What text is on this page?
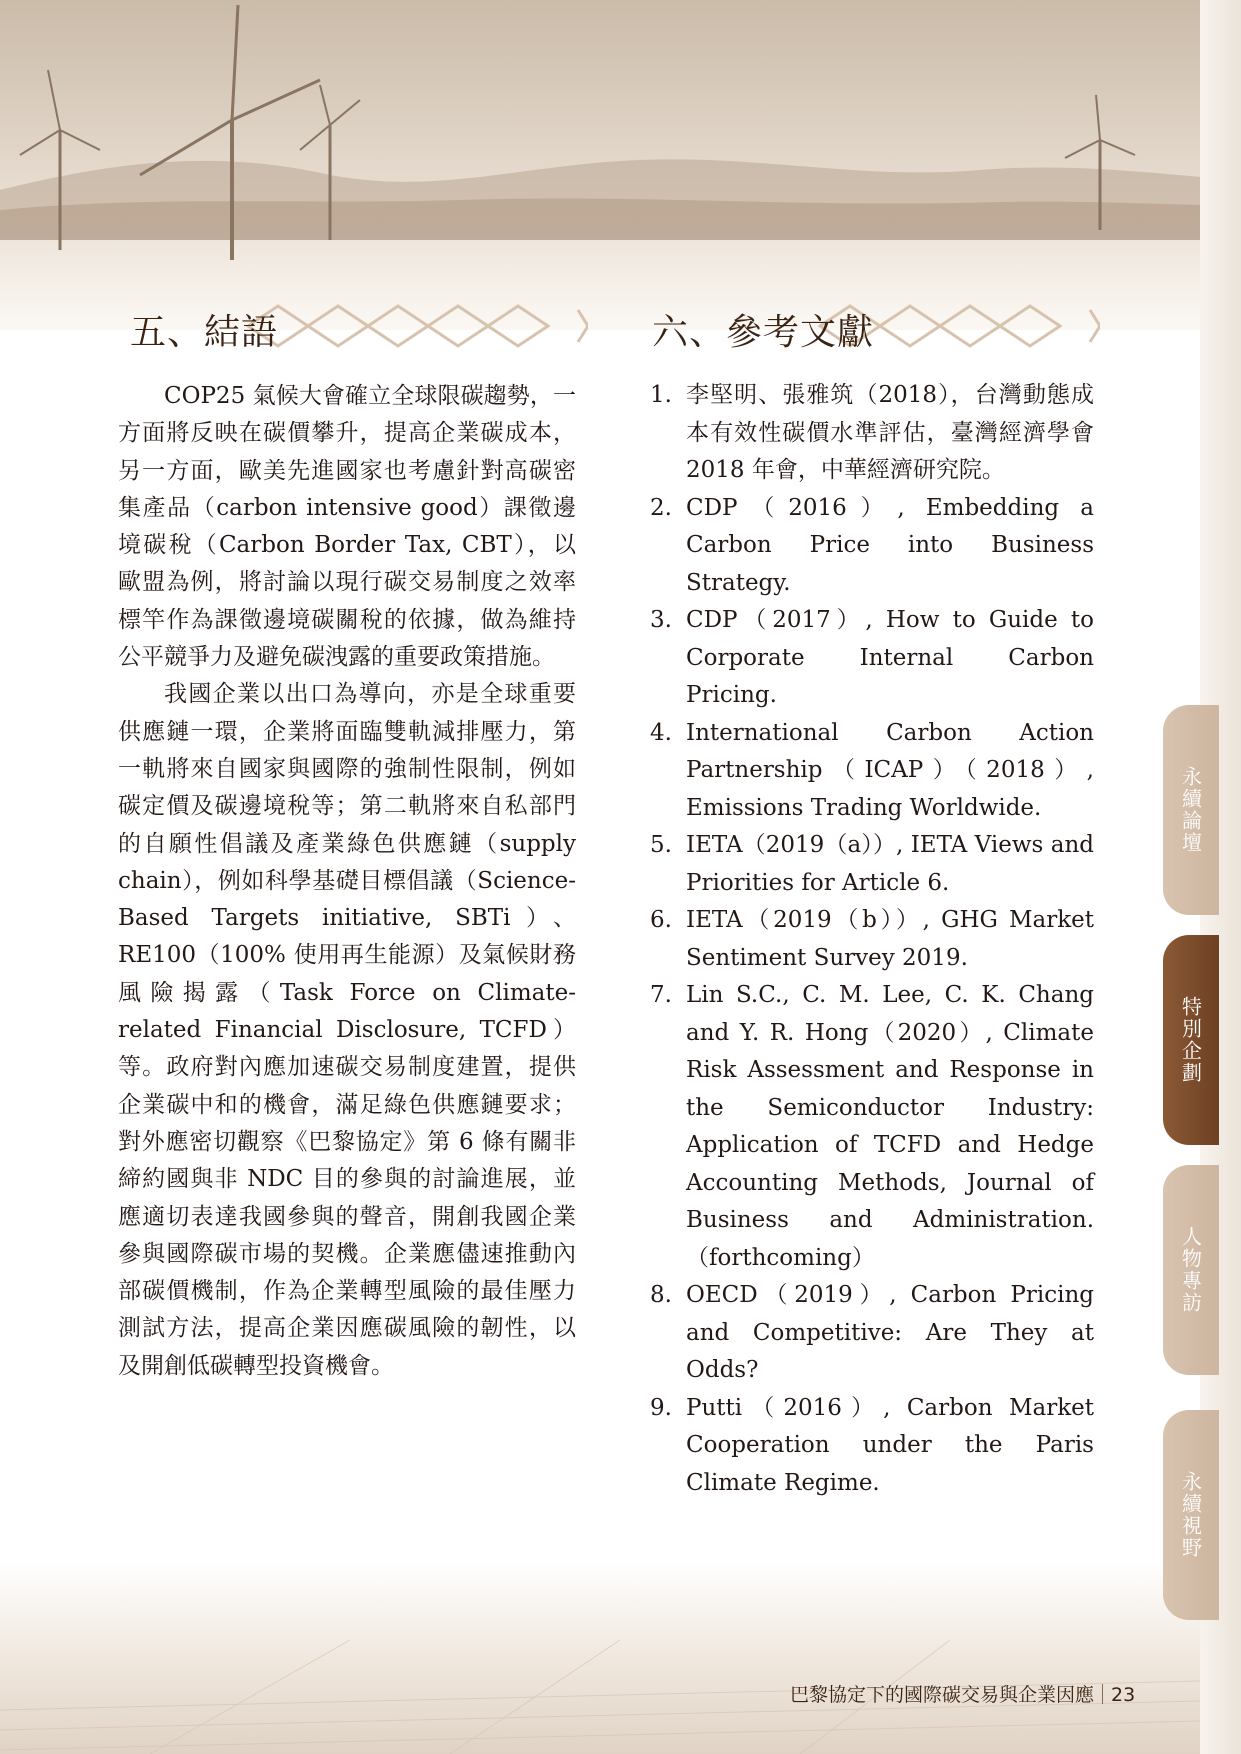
五、結語	六、參考文獻

COP25 氣候大會確立全球限碳趨勢，一方面將反映在碳價攀升，提高企業碳成本，另一方面，歐美先進國家也考慮針對高碳密集產品（carbon intensive good）課徵邊境碳稅（Carbon Border Tax, CBT），以歐盟為例，將討論以現行碳交易制度之效率標竿作為課徵邊境碳關稅的依據，做為維持公平競爭力及避免碳洩露的重要政策措施。

我國企業以出口為導向，亦是全球重要供應鏈一環，企業將面臨雙軌減排壓力，第一軌將來自國家與國際的強制性限制，例如碳定價及碳邊境稅等；第二軌將來自私部門的自願性倡議及產業綠色供應鏈（supply chain），例如科學基礎目標倡議（Science-Based Targets initiative, SBTi）、RE100（100% 使用再生能源）及氣候財務風險揭露（Task Force on Climate-related Financial Disclosure, TCFD）等。政府對內應加速碳交易制度建置，提供企業碳中和的機會，滿足綠色供應鏈要求；對外應密切觀察《巴黎協定》第 6 條有關非締約國與非 NDC 目的參與的討論進展，並應適切表達我國參與的聲音，開創我國企業參與國際碳市場的契機。企業應儘速推動內部碳價機制，作為企業轉型風險的最佳壓力測試方法，提高企業因應碳風險的韌性，以及開創低碳轉型投資機會。

1. 李堅明、張雅筑（2018），台灣動態成本有效性碳價水準評估，臺灣經濟學會 2018 年會，中華經濟研究院。
2. CDP（2016）, Embedding a Carbon Price into Business Strategy.
3. CDP（2017）, How to Guide to Corporate Internal Carbon Pricing.
4. International Carbon Action Partnership（ICAP）（2018）, Emissions Trading Worldwide.
5. IETA（2019（a））, IETA Views and Priorities for Article 6.
6. IETA（2019（b））, GHG Market Sentiment Survey 2019.
7. Lin S.C., C. M. Lee, C. K. Chang and Y. R. Hong（2020）, Climate Risk Assessment and Response in the Semiconductor Industry: Application of TCFD and Hedge Accounting Methods, Journal of Business and Administration.（forthcoming）
8. OECD（2019）, Carbon Pricing and Competitive: Are They at Odds?
9. Putti（2016）, Carbon Market Cooperation under the Paris Climate Regime.
永續論壇
特別企劃
人物專訪
永續視野
巴黎協定下的國際碳交易與企業因應 23
